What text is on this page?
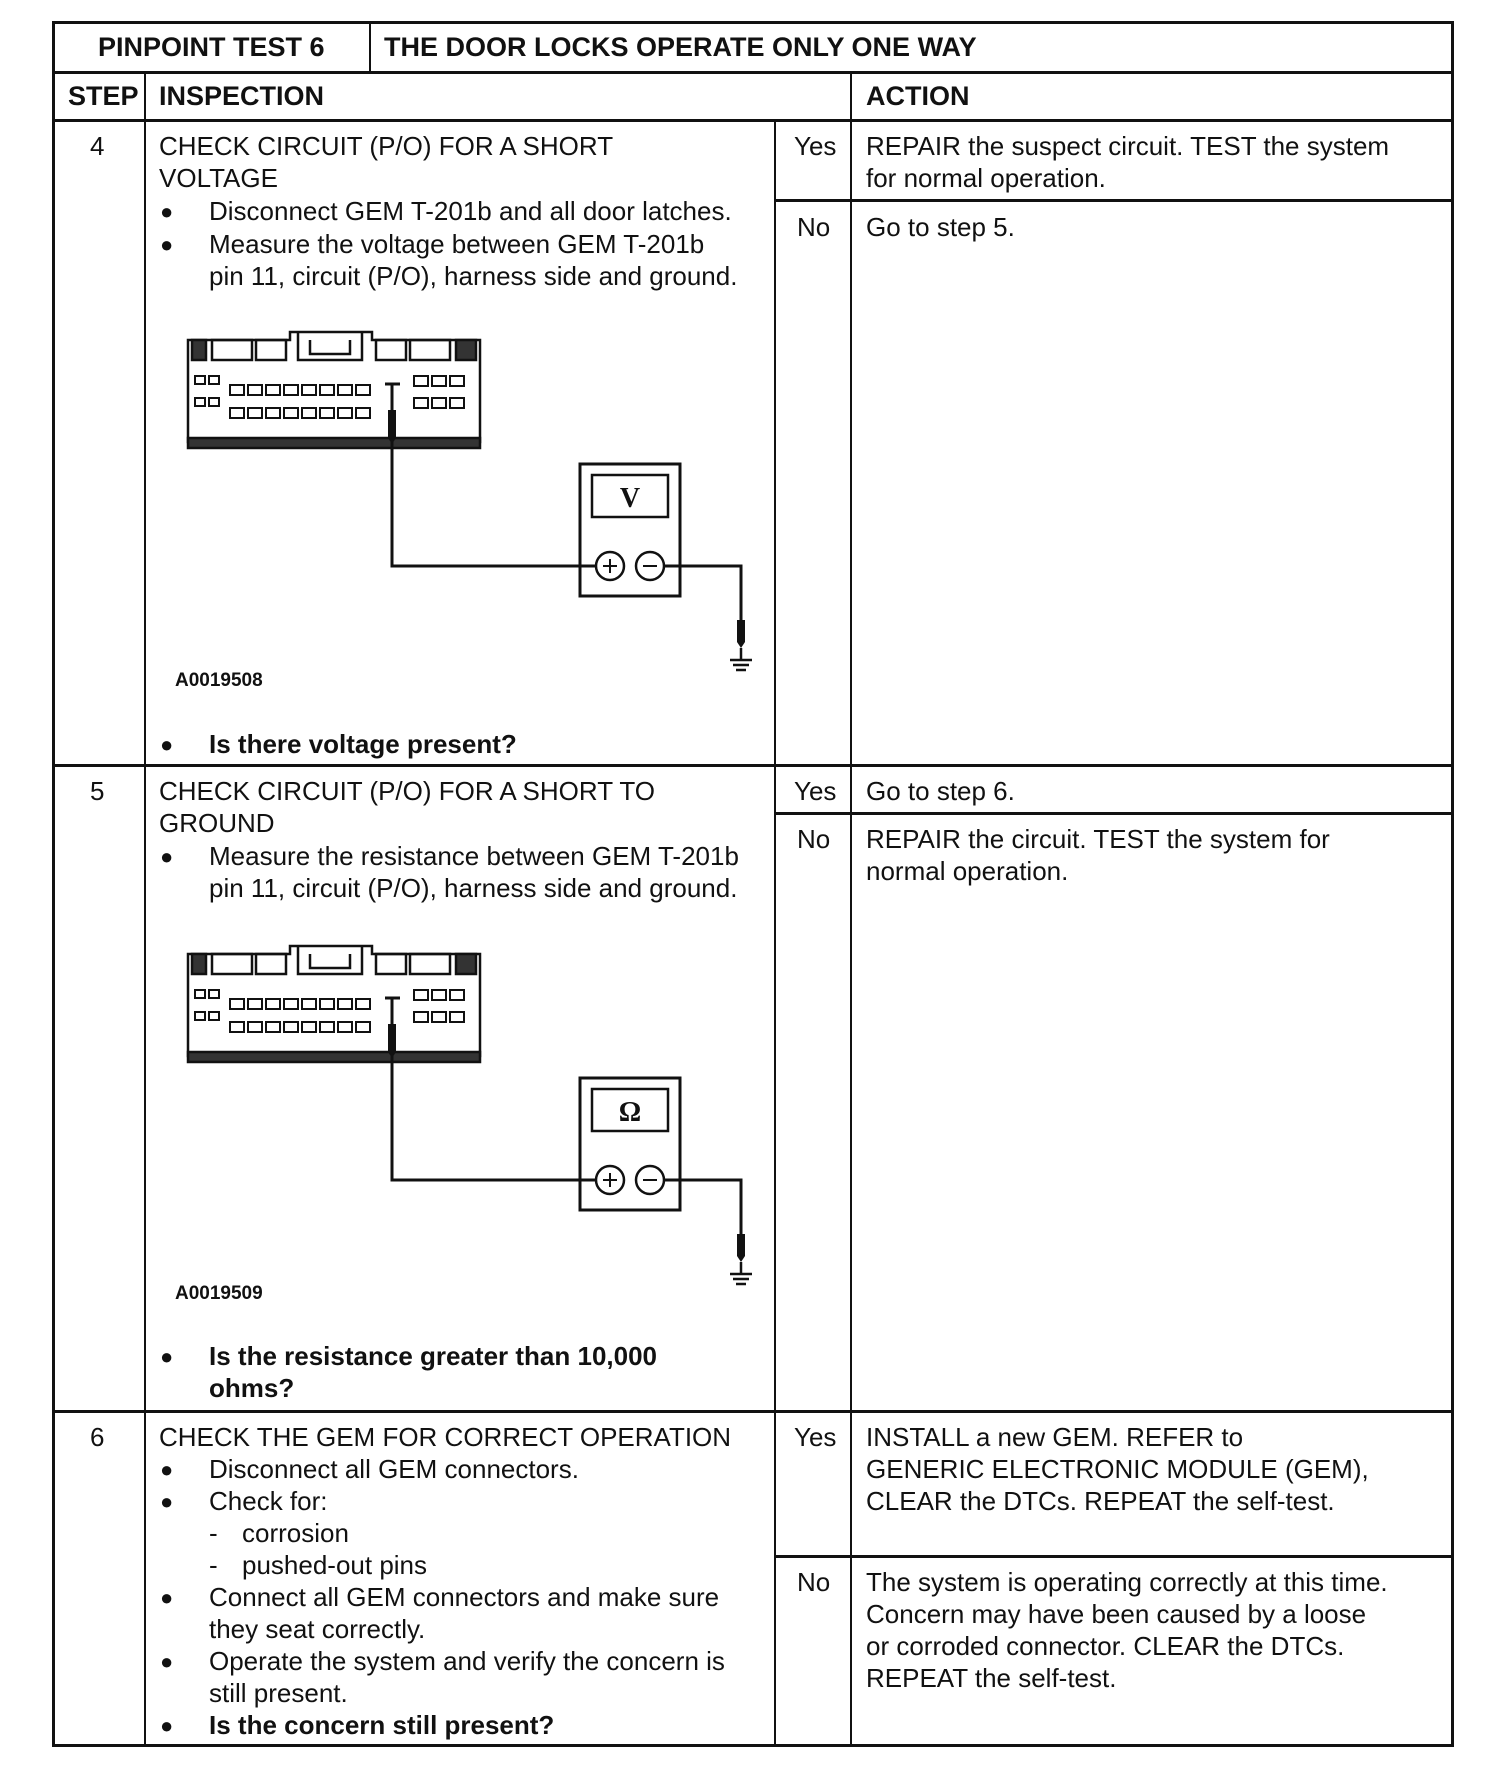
PINPOINT TEST 6 THE DOOR LOCKS OPERATE ONLY ONE WAY
STEP INSPECTION	ACTION
4 CHECK CIRCUIT (P/O) FOR A SHORT
VOLTAGE
● Disconnect GEM T-201b and all door latches.
● Measure the voltage between GEM T-201b
pin 11, circuit (P/O), harness side and ground.
V
A0019508
● Is there voltage present?
Yes REPAIR the suspect circuit. TEST the system
for normal operation.
No Go to step 5.
5 CHECK CIRCUIT (P/O) FOR A SHORT TO
GROUND
● Measure the resistance between GEM T-201b
pin 11, circuit (P/O), harness side and ground.
Ω
A0019509
● Is the resistance greater than 10,000
ohms?
Yes Go to step 6.
No REPAIR the circuit. TEST the system for
normal operation.
6 CHECK THE GEM FOR CORRECT OPERATION
● Disconnect all GEM connectors.
● Check for:
- corrosion
- pushed-out pins
● Connect all GEM connectors and make sure
they seat correctly.
● Operate the system and verify the concern is
still present.
● Is the concern still present?
Yes INSTALL a new GEM. REFER to
GENERIC ELECTRONIC MODULE (GEM),
CLEAR the DTCs. REPEAT the self-test.
No The system is operating correctly at this time.
Concern may have been caused by a loose
or corroded connector. CLEAR the DTCs.
REPEAT the self-test.
